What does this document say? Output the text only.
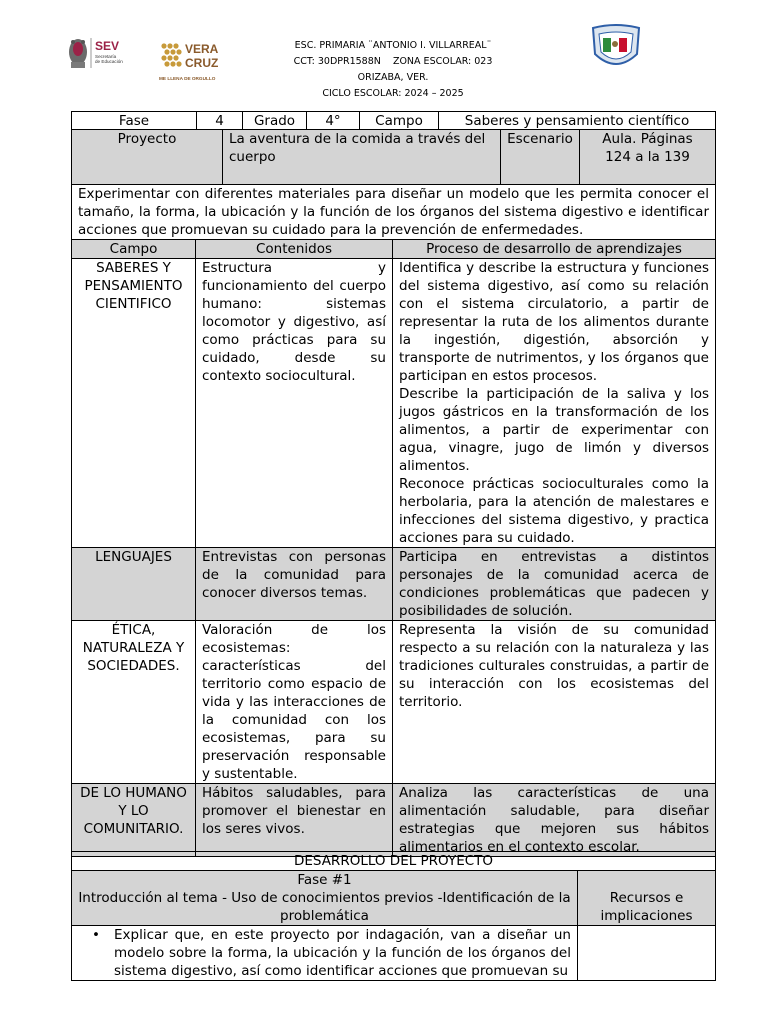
SEV
Secretaría
de Educación
VERA
CRUZ
ME LLENA DE ORGULLO
ESC. PRIMARIA ¨ANTONIO I. VILLARREAL¨
CCT: 30DPR1588N    ZONA ESCOLAR: 023
ORIZABA, VER.
CICLO ESCOLAR: 2024 – 2025
Fase	4	Grado	4°	Campo	Saberes y pensamiento científico
Proyecto	La aventura de la comida a través del cuerpo	Escenario	Aula. Páginas 124 a la 139
Experimentar con diferentes materiales para diseñar un modelo que les permita conocer el tamaño, la forma, la ubicación y la función de los órganos del sistema digestivo e identificar acciones que promuevan su cuidado para la prevención de enfermedades.		
Campo	Contenidos	Proceso de desarrollo de aprendizajes
SABERES Y PENSAMIENTO CIENTIFICO	Estructura y funcionamiento del cuerpo humano: sistemas locomotor y digestivo, así como prácticas para su cuidado, desde su contexto sociocultural.	Identifica y describe la estructura y funciones del sistema digestivo, así como su relación con el sistema circulatorio, a partir de representar la ruta de los alimentos durante la ingestión, digestión, absorción y transporte de nutrimentos, y los órganos que participan en estos procesos.
Describe la participación de la saliva y los jugos gástricos en la transformación de los alimentos, a partir de experimentar con agua, vinagre, jugo de limón y diversos alimentos.
Reconoce prácticas socioculturales como la herbolaria, para la atención de malestares e infecciones del sistema digestivo, y practica acciones para su cuidado.

LENGUAJES	Entrevistas con personas de la comunidad para conocer diversos temas.	Participa en entrevistas a distintos personajes de la comunidad acerca de condiciones problemáticas que padecen y posibilidades de solución.
ÉTICA, NATURALEZA Y SOCIEDADES.	Valoración de los ecosistemas: características del territorio como espacio de vida y las interacciones de la comunidad con los ecosistemas, para su preservación responsable y sustentable.	Representa la visión de su comunidad respecto a su relación con la naturaleza y las tradiciones culturales construidas, a partir de su interacción con los ecosistemas del territorio.
DE LO HUMANO Y LO COMUNITARIO.	Hábitos saludables, para promover el bienestar en los seres vivos.	Analiza las características de una alimentación saludable, para diseñar estrategias que mejoren sus hábitos alimentarios en el contexto escolar.
DESARROLLO DEL PROYECTO	

Fase #1
Introducción al tema - Uso de conocimientos previos -Identificación de la problemática	Recursos e implicaciones

• Explicar que, en este proyecto por indagación, van a diseñar un modelo sobre la forma, la ubicación y la función de los órganos del sistema digestivo, así como identificar acciones que promuevan su	
